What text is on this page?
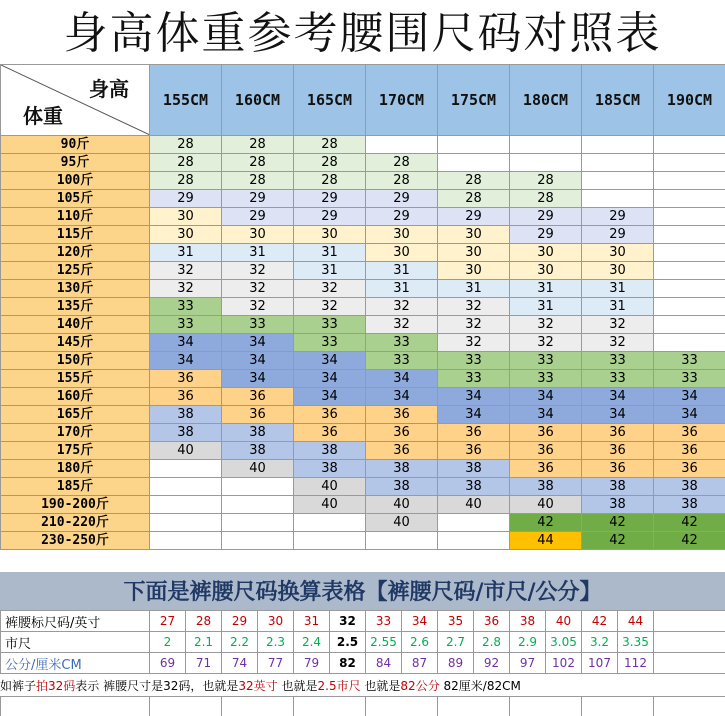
身高体重参考腰围尺码对照表
身高
体重	155CM	160CM	165CM	170CM	175CM	180CM	185CM	190CM
90斤	28	28	28					
95斤	28	28	28	28				
100斤	28	28	28	28	28	28		
105斤	29	29	29	29	28	28		
110斤	30	29	29	29	29	29	29	
115斤	30	30	30	30	30	29	29	
120斤	31	31	31	30	30	30	30	
125斤	32	32	31	31	30	30	30	
130斤	32	32	32	31	31	31	31	
135斤	33	32	32	32	32	31	31	
140斤	33	33	33	32	32	32	32	
145斤	34	34	33	33	32	32	32	
150斤	34	34	34	33	33	33	33	33
155斤	36	34	34	34	33	33	33	33
160斤	36	36	34	34	34	34	34	34
165斤	38	36	36	36	34	34	34	34
170斤	38	38	36	36	36	36	36	36
175斤	40	38	38	36	36	36	36	36
180斤		40	38	38	38	36	36	36
185斤			40	38	38	38	38	38
190-200斤			40	40	40	40	38	38
210-220斤				40		42	42	42
230-250斤						44	42	42
下面是裤腰尺码换算表格【裤腰尺码/市尺/公分】
裤腰标尺码/英寸	27	28	29	30	31	32	33	34	35	36	38	40	42	44	
市尺	2	2.1	2.2	2.3	2.4	2.5	2.55	2.6	2.7	2.8	2.9	3.05	3.2	3.35	
公分/厘米CM	69	71	74	77	79	82	84	87	89	92	97	102	107	112	
如裤子拍32码表示 裤腰尺寸是32码，也就是32英寸 也就是2.5市尺 也就是82公分 82厘米/82CM
